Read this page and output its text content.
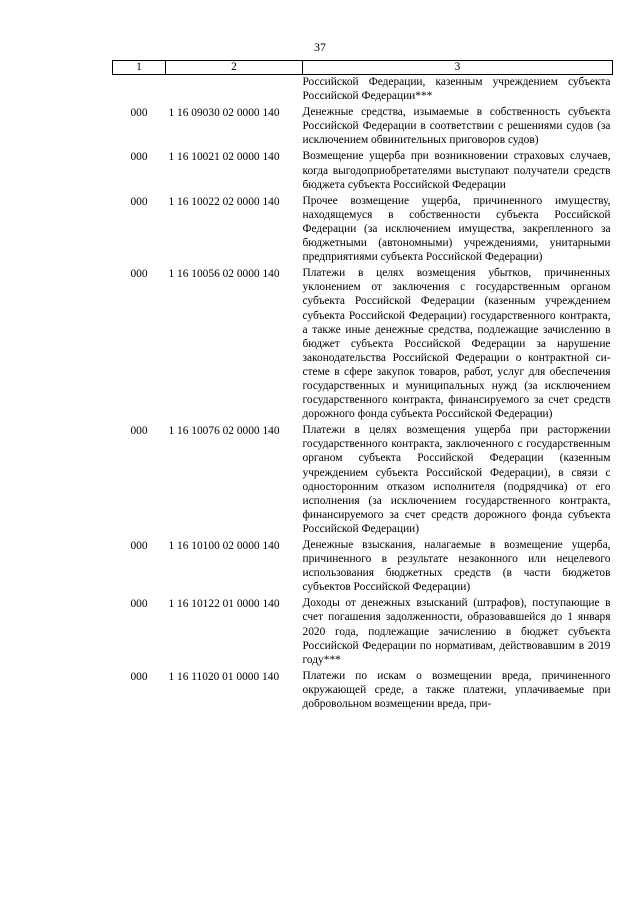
37
1	2	3
		Российской Федерации, казенным учреждением субъекта Российской Федерации***
000	1 16 09030 02 0000 140	Денежные средства, изымаемые в собственность субъекта Российской Федерации в соответствии с решениями судов (за исключением обвинительных приговоров судов)
000	1 16 10021 02 0000 140	Возмещение ущерба при возникновении страховых случаев, когда выгодоприобретателями выступают получатели средств бюджета субъекта Российской Федерации
000	1 16 10022 02 0000 140	Прочее возмещение ущерба, причиненного имуществу, находящемуся в собственности субъекта Российской Федерации (за исключением имущества, закрепленного за бюджетными (автономными) учреждениями, унитарными предприятиями субъекта Российской Федерации)
000	1 16 10056 02 0000 140	Платежи в целях возмещения убытков, причиненных уклонением от заключения с государственным органом субъекта Российской Федерации (казенным учреждением субъекта Российской Федерации) государственного контракта, а также иные денежные средства, подлежащие зачислению в бюджет субъекта Российской Федерации за нарушение законодательства Российской Федерации о контрактной системе в сфере закупок товаров, работ, услуг для обеспечения государственных и муниципальных нужд (за исключением государственного контракта, финансируемого за счет средств дорожного фонда субъекта Российской Федерации)
000	1 16 10076 02 0000 140	Платежи в целях возмещения ущерба при расторжении государственного контракта, заключенного с государственным органом субъекта Российской Федерации (казенным учреждением субъекта Российской Федерации), в связи с односторонним отказом исполнителя (подрядчика) от его исполнения (за исключением государственного контракта, финансируемого за счет средств дорожного фонда субъекта Российской Федерации)
000	1 16 10100 02 0000 140	Денежные взыскания, налагаемые в возмещение ущерба, причиненного в результате незаконного или нецелевого использования бюджетных средств (в части бюджетов субъектов Российской Федерации)
000	1 16 10122 01 0000 140	Доходы от денежных взысканий (штрафов), поступающие в счет погашения задолженности, образовавшейся до 1 января 2020 года, подлежащие зачислению в бюджет субъекта Российской Федерации по нормативам, действовавшим в 2019 году***
000	1 16 11020 01 0000 140	Платежи по искам о возмещении вреда, причиненного окружающей среде, а также платежи, уплачиваемые при добровольном возмещении вреда, при-
